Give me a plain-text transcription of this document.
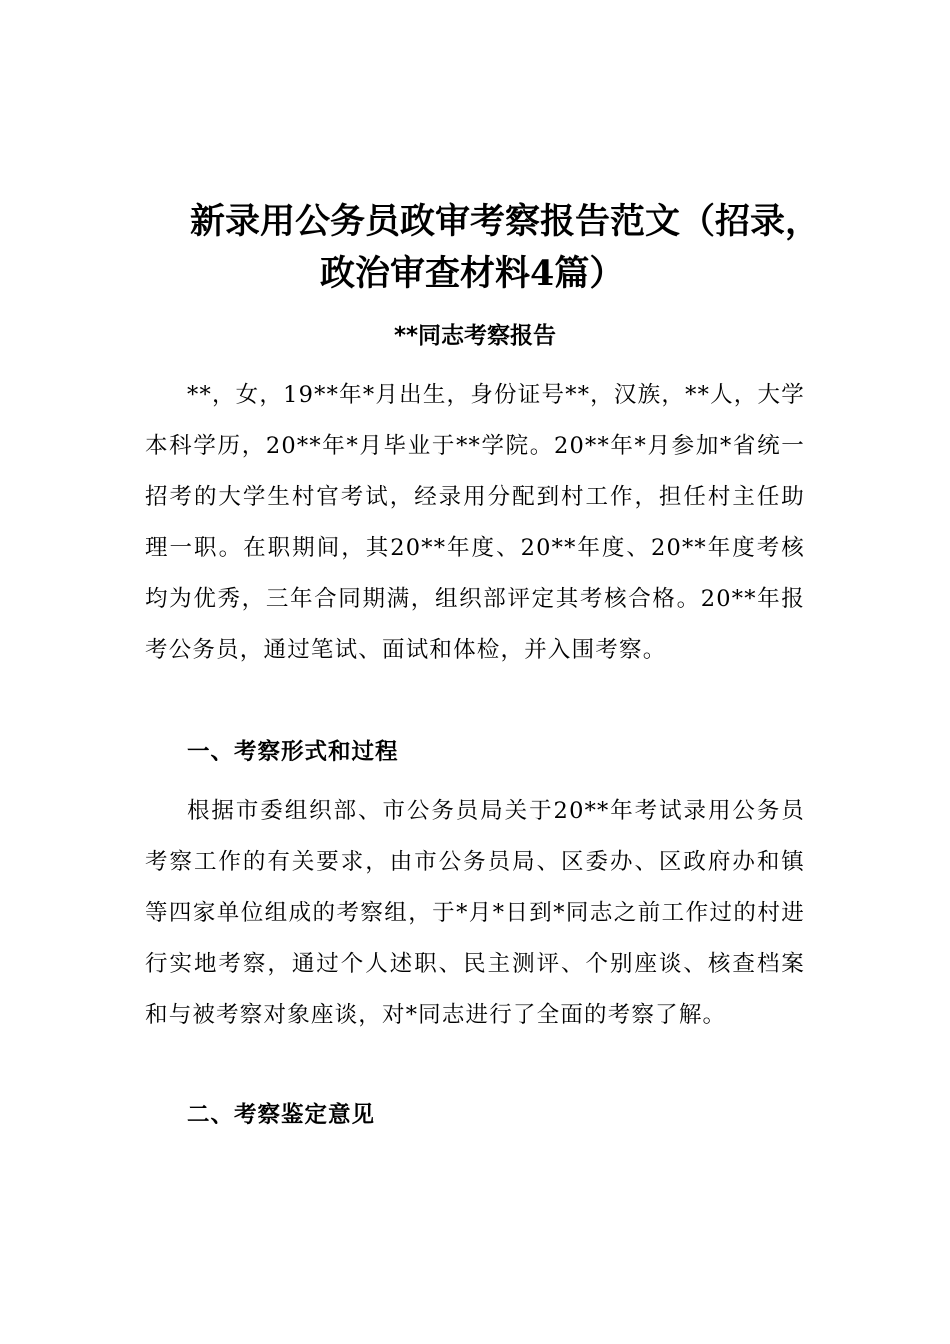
新录用公务员政审考察报告范文（招录，
政治审查材料4篇）
**同志考察报告

**，女，19**年*月出生，身份证号**，汉族，**人，大学本科学历，20**年*月毕业于**学院。20**年*月参加*省统一招考的大学生村官考试，经录用分配到村工作，担任村主任助理一职。在职期间，其20**年度、20**年度、20**年度考核均为优秀，三年合同期满，组织部评定其考核合格。20**年报考公务员，通过笔试、面试和体检，并入围考察。

一、考察形式和过程

根据市委组织部、市公务员局关于20**年考试录用公务员考察工作的有关要求，由市公务员局、区委办、区政府办和镇等四家单位组成的考察组，于*月*日到*同志之前工作过的村进行实地考察，通过个人述职、民主测评、个别座谈、核查档案和与被考察对象座谈，对*同志进行了全面的考察了解。

二、考察鉴定意见
